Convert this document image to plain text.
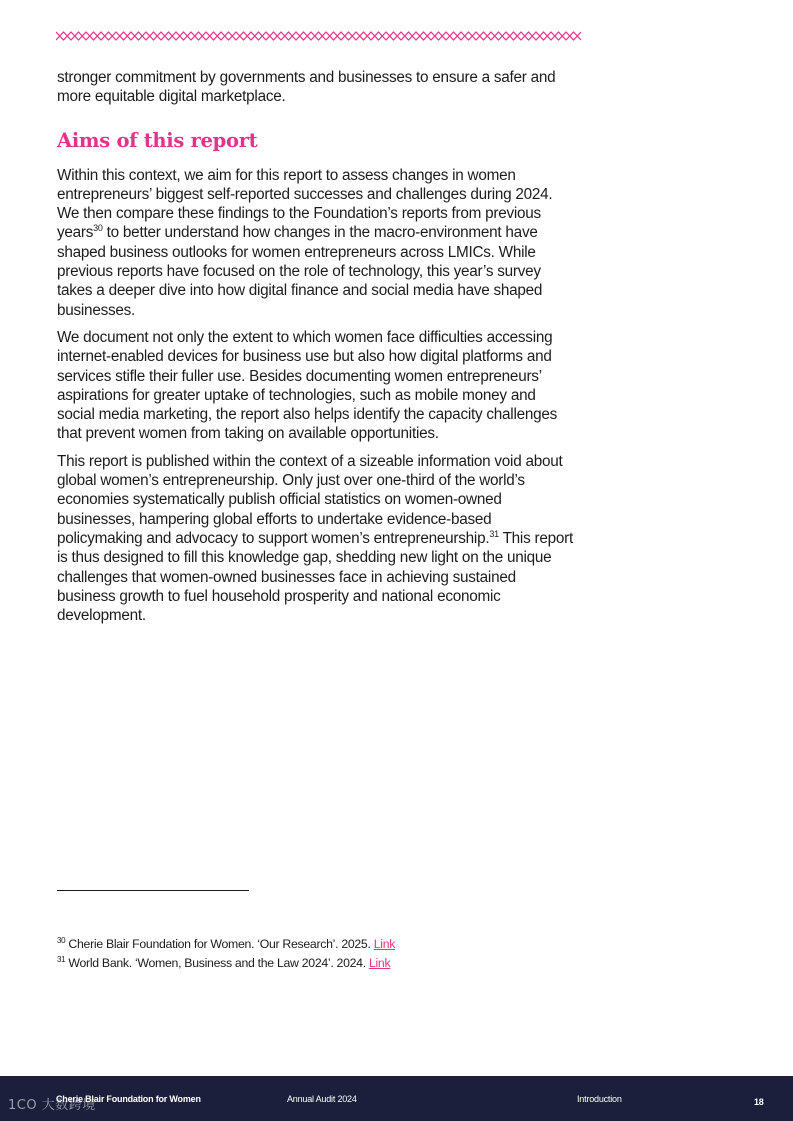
stronger commitment by governments and businesses to ensure a safer and more equitable digital marketplace.

Aims of this report

Within this context, we aim for this report to assess changes in women entrepreneurs’ biggest self-reported successes and challenges during 2024. We then compare these findings to the Foundation’s reports from previous years$^{30}$ to better understand how changes in the macro-environment have shaped business outlooks for women entrepreneurs across LMICs. While previous reports have focused on the role of technology, this year’s survey takes a deeper dive into how digital finance and social media have shaped businesses.

We document not only the extent to which women face difficulties accessing internet-enabled devices for business use but also how digital platforms and services stifle their fuller use. Besides documenting women entrepreneurs’ aspirations for greater uptake of technologies, such as mobile money and social media marketing, the report also helps identify the capacity challenges that prevent women from taking on available opportunities.

This report is published within the context of a sizeable information void about global women’s entrepreneurship. Only just over one-third of the world’s economies systematically publish official statistics on women-owned businesses, hampering global efforts to undertake evidence-based policymaking and advocacy to support women’s entrepreneurship.$^{31}$ This report is thus designed to fill this knowledge gap, shedding new light on the unique challenges that women-owned businesses face in achieving sustained business growth to fuel household prosperity and national economic development.

$^{30}$ Cherie Blair Foundation for Women. ‘Our Research’. 2025. Link
$^{31}$ World Bank. ‘Women, Business and the Law 2024’. 2024. Link
Cherie Blair Foundation for Women	Annual Audit 2024	Introduction	18
1CO 大数跨境
